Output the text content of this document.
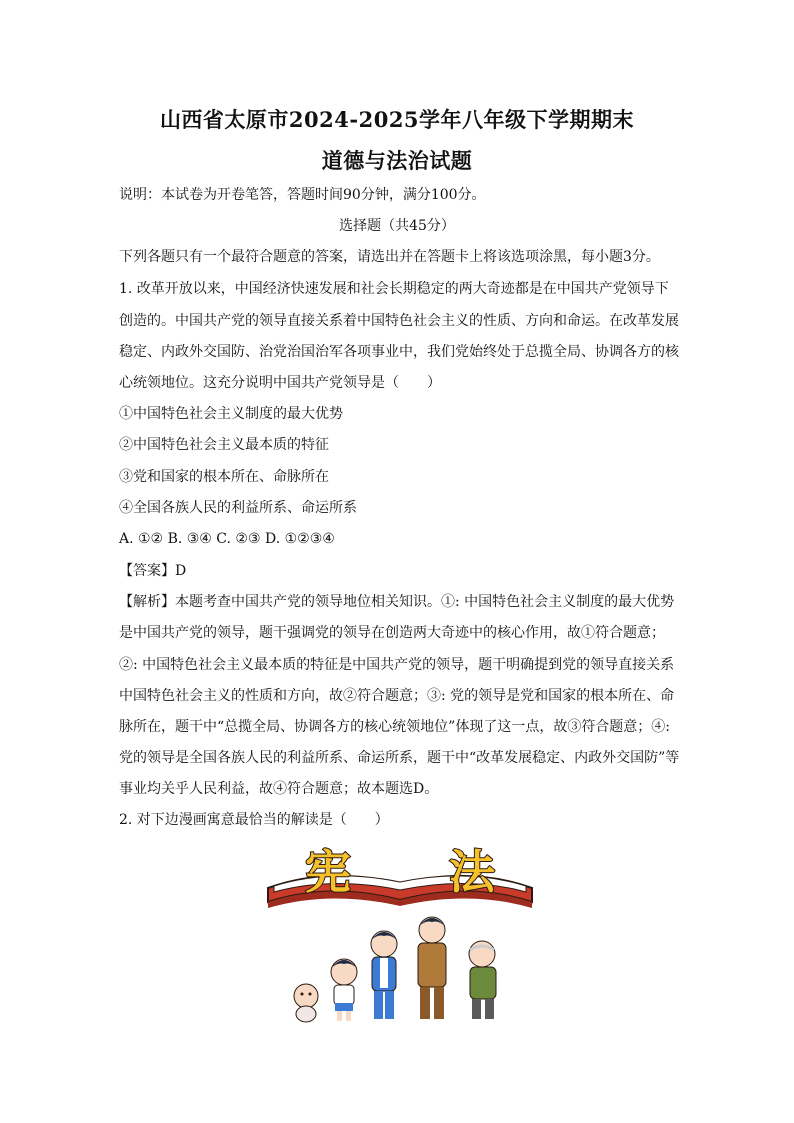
山西省太原市2024-2025学年八年级下学期期末
道德与法治试题
说明：本试卷为开卷笔答，答题时间90分钟，满分100分。
选择题（共45分）
下列各题只有一个最符合题意的答案，请选出并在答题卡上将该选项涂黑，每小题3分。
1. 改革开放以来，中国经济快速发展和社会长期稳定的两大奇迹都是在中国共产党领导下
创造的。中国共产党的领导直接关系着中国特色社会主义的性质、方向和命运。在改革发展
稳定、内政外交国防、治党治国治军各项事业中，我们党始终处于总揽全局、协调各方的核
心统领地位。这充分说明中国共产党领导是（　　）
①中国特色社会主义制度的最大优势
②中国特色社会主义最本质的特征
③党和国家的根本所在、命脉所在
④全国各族人民的利益所系、命运所系
A. ①② B. ③④ C. ②③ D. ①②③④
【答案】D
【解析】本题考查中国共产党的领导地位相关知识。①: 中国特色社会主义制度的最大优势
是中国共产党的领导，题干强调党的领导在创造两大奇迹中的核心作用，故①符合题意；
②: 中国特色社会主义最本质的特征是中国共产党的领导，题干明确提到党的领导直接关系
中国特色社会主义的性质和方向，故②符合题意；③: 党的领导是党和国家的根本所在、命
脉所在，题干中“总揽全局、协调各方的核心统领地位”体现了这一点，故③符合题意；④:
党的领导是全国各族人民的利益所系、命运所系，题干中“改革发展稳定、内政外交国防”等
事业均关乎人民利益，故④符合题意；故本题选D。
2. 对下边漫画寓意最恰当的解读是（　　）
宪 法
